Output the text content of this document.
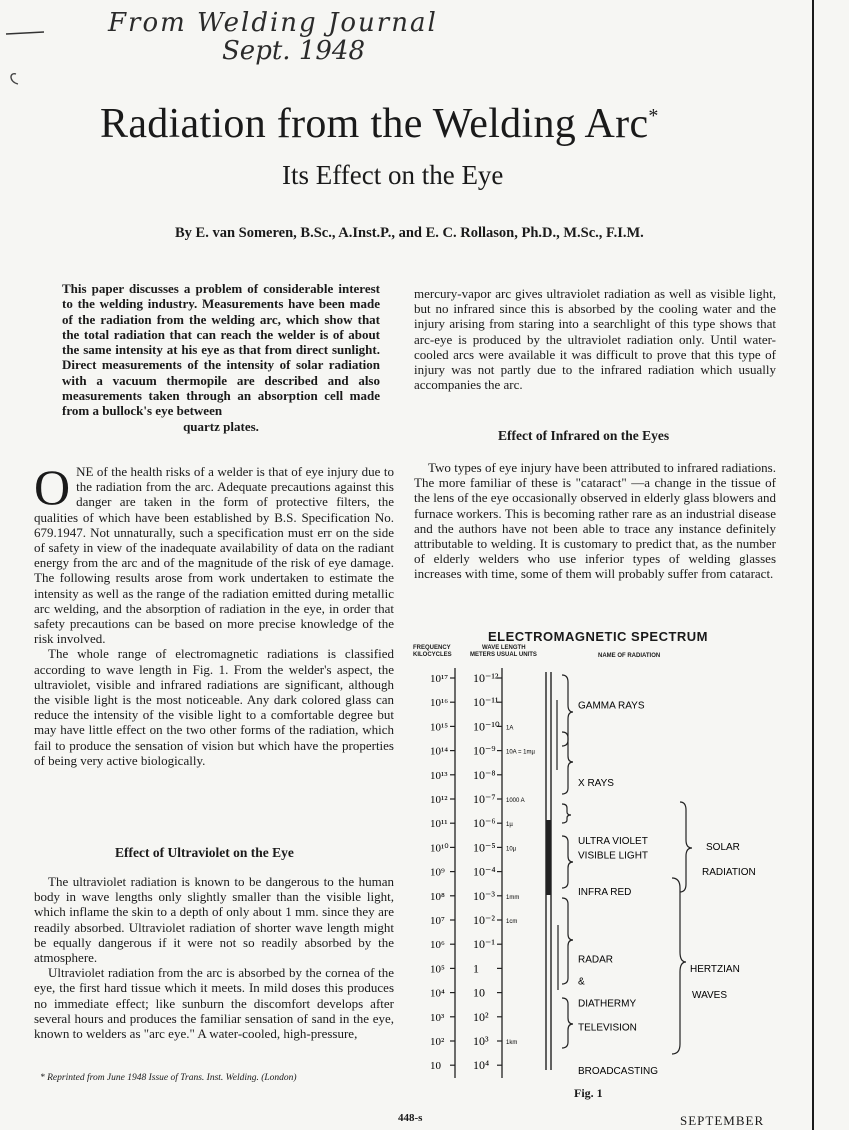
From Welding Journal
Sept. 1948
Radiation from the Welding Arc*
Its Effect on the Eye
By E. van Someren, B.Sc., A.Inst.P., and E. C. Rollason, Ph.D., M.Sc., F.I.M.

This paper discusses a problem of considerable interest to the welding industry. Measurements have been made of the radiation from the welding arc, which show that the total radiation that can reach the welder is of about the same intensity at his eye as that from direct sunlight. Direct measurements of the intensity of solar radiation with a vacuum thermopile are described and also measurements taken through an absorption cell made from a bullock's eye between

quartz plates.

ONE of the health risks of a welder is that of eye injury due to the radiation from the arc. Adequate precautions against this danger are taken in the form of protective filters, the qualities of which have been established by B.S. Specification No. 679.1947. Not unnaturally, such a specification must err on the side of safety in view of the inadequate availability of data on the radiant energy from the arc and of the magnitude of the risk of eye damage. The following results arose from work undertaken to estimate the intensity as well as the range of the radiation emitted during metallic arc welding, and the absorption of radiation in the eye, in order that safety precautions can be based on more precise knowledge of the risk involved.

The whole range of electromagnetic radiations is classified according to wave length in Fig. 1. From the welder's aspect, the ultraviolet, visible and infrared radiations are significant, although the visible light is the most noticeable. Any dark colored glass can reduce the intensity of the visible light to a comfortable degree but may have little effect on the two other forms of the radiation, which fail to produce the sensation of vision but which have the properties of being very active biologically.

Effect of Ultraviolet on the Eye

The ultraviolet radiation is known to be dangerous to the human body in wave lengths only slightly smaller than the visible light, which inflame the skin to a depth of only about 1 mm. since they are readily absorbed. Ultraviolet radiation of shorter wave length might be equally dangerous if it were not so readily absorbed by the atmosphere.

Ultraviolet radiation from the arc is absorbed by the cornea of the eye, the first hard tissue which it meets. In mild doses this produces no immediate effect; like sunburn the discomfort develops after several hours and produces the familiar sensation of sand in the eye, known to welders as "arc eye." A water-cooled, high-pressure,

mercury-vapor arc gives ultraviolet radiation as well as visible light, but no infrared since this is absorbed by the cooling water and the injury arising from staring into a searchlight of this type shows that arc-eye is produced by the ultraviolet radiation only. Until water-cooled arcs were available it was difficult to prove that this type of injury was not partly due to the infrared radiation which usually accompanies the arc.

Effect of Infrared on the Eyes

Two types of eye injury have been attributed to infrared radiations. The more familiar of these is "cataract" —a change in the tissue of the lens of the eye occasionally observed in elderly glass blowers and furnace workers. This is becoming rather rare as an industrial disease and the authors have not been able to trace any instance definitely attributable to welding. It is customary to predict that, as the number of elderly welders who use inferior types of welding glasses increases with time, some of them will probably suffer from cataract.

ELECTROMAGNETIC SPECTRUM
FREQUENCY
KILOCYCLES
WAVE LENGTH
METERS USUAL UNITS	NAME OF RADIATION
10¹⁷
10¹⁶
10¹⁵
10¹⁴
10¹³
10¹²
10¹¹
10¹⁰
10⁹
10⁸
10⁷
10⁶
10⁵
10⁴
10³
10²
10
10⁻¹²
10⁻¹¹
10⁻¹⁰
10⁻⁹
10⁻⁸
10⁻⁷
10⁻⁶
10⁻⁵
10⁻⁴
10⁻³
10⁻²
10⁻¹
1
10
10²
10³
10⁴
1A
10A = 1mµ
1000 A
1µ
10µ
1mm
1cm
1km
GAMMA RAYS
X RAYS
ULTRA VIOLET
VISIBLE LIGHT
INFRA RED
RADAR
&
DIATHERMY
TELEVISION
BROADCASTING
SOLAR
RADIATION
HERTZIAN
WAVES
Fig. 1
* Reprinted from June 1948 Issue of Trans. Inst. Welding. (London)
448-s	SEPTEMBER
